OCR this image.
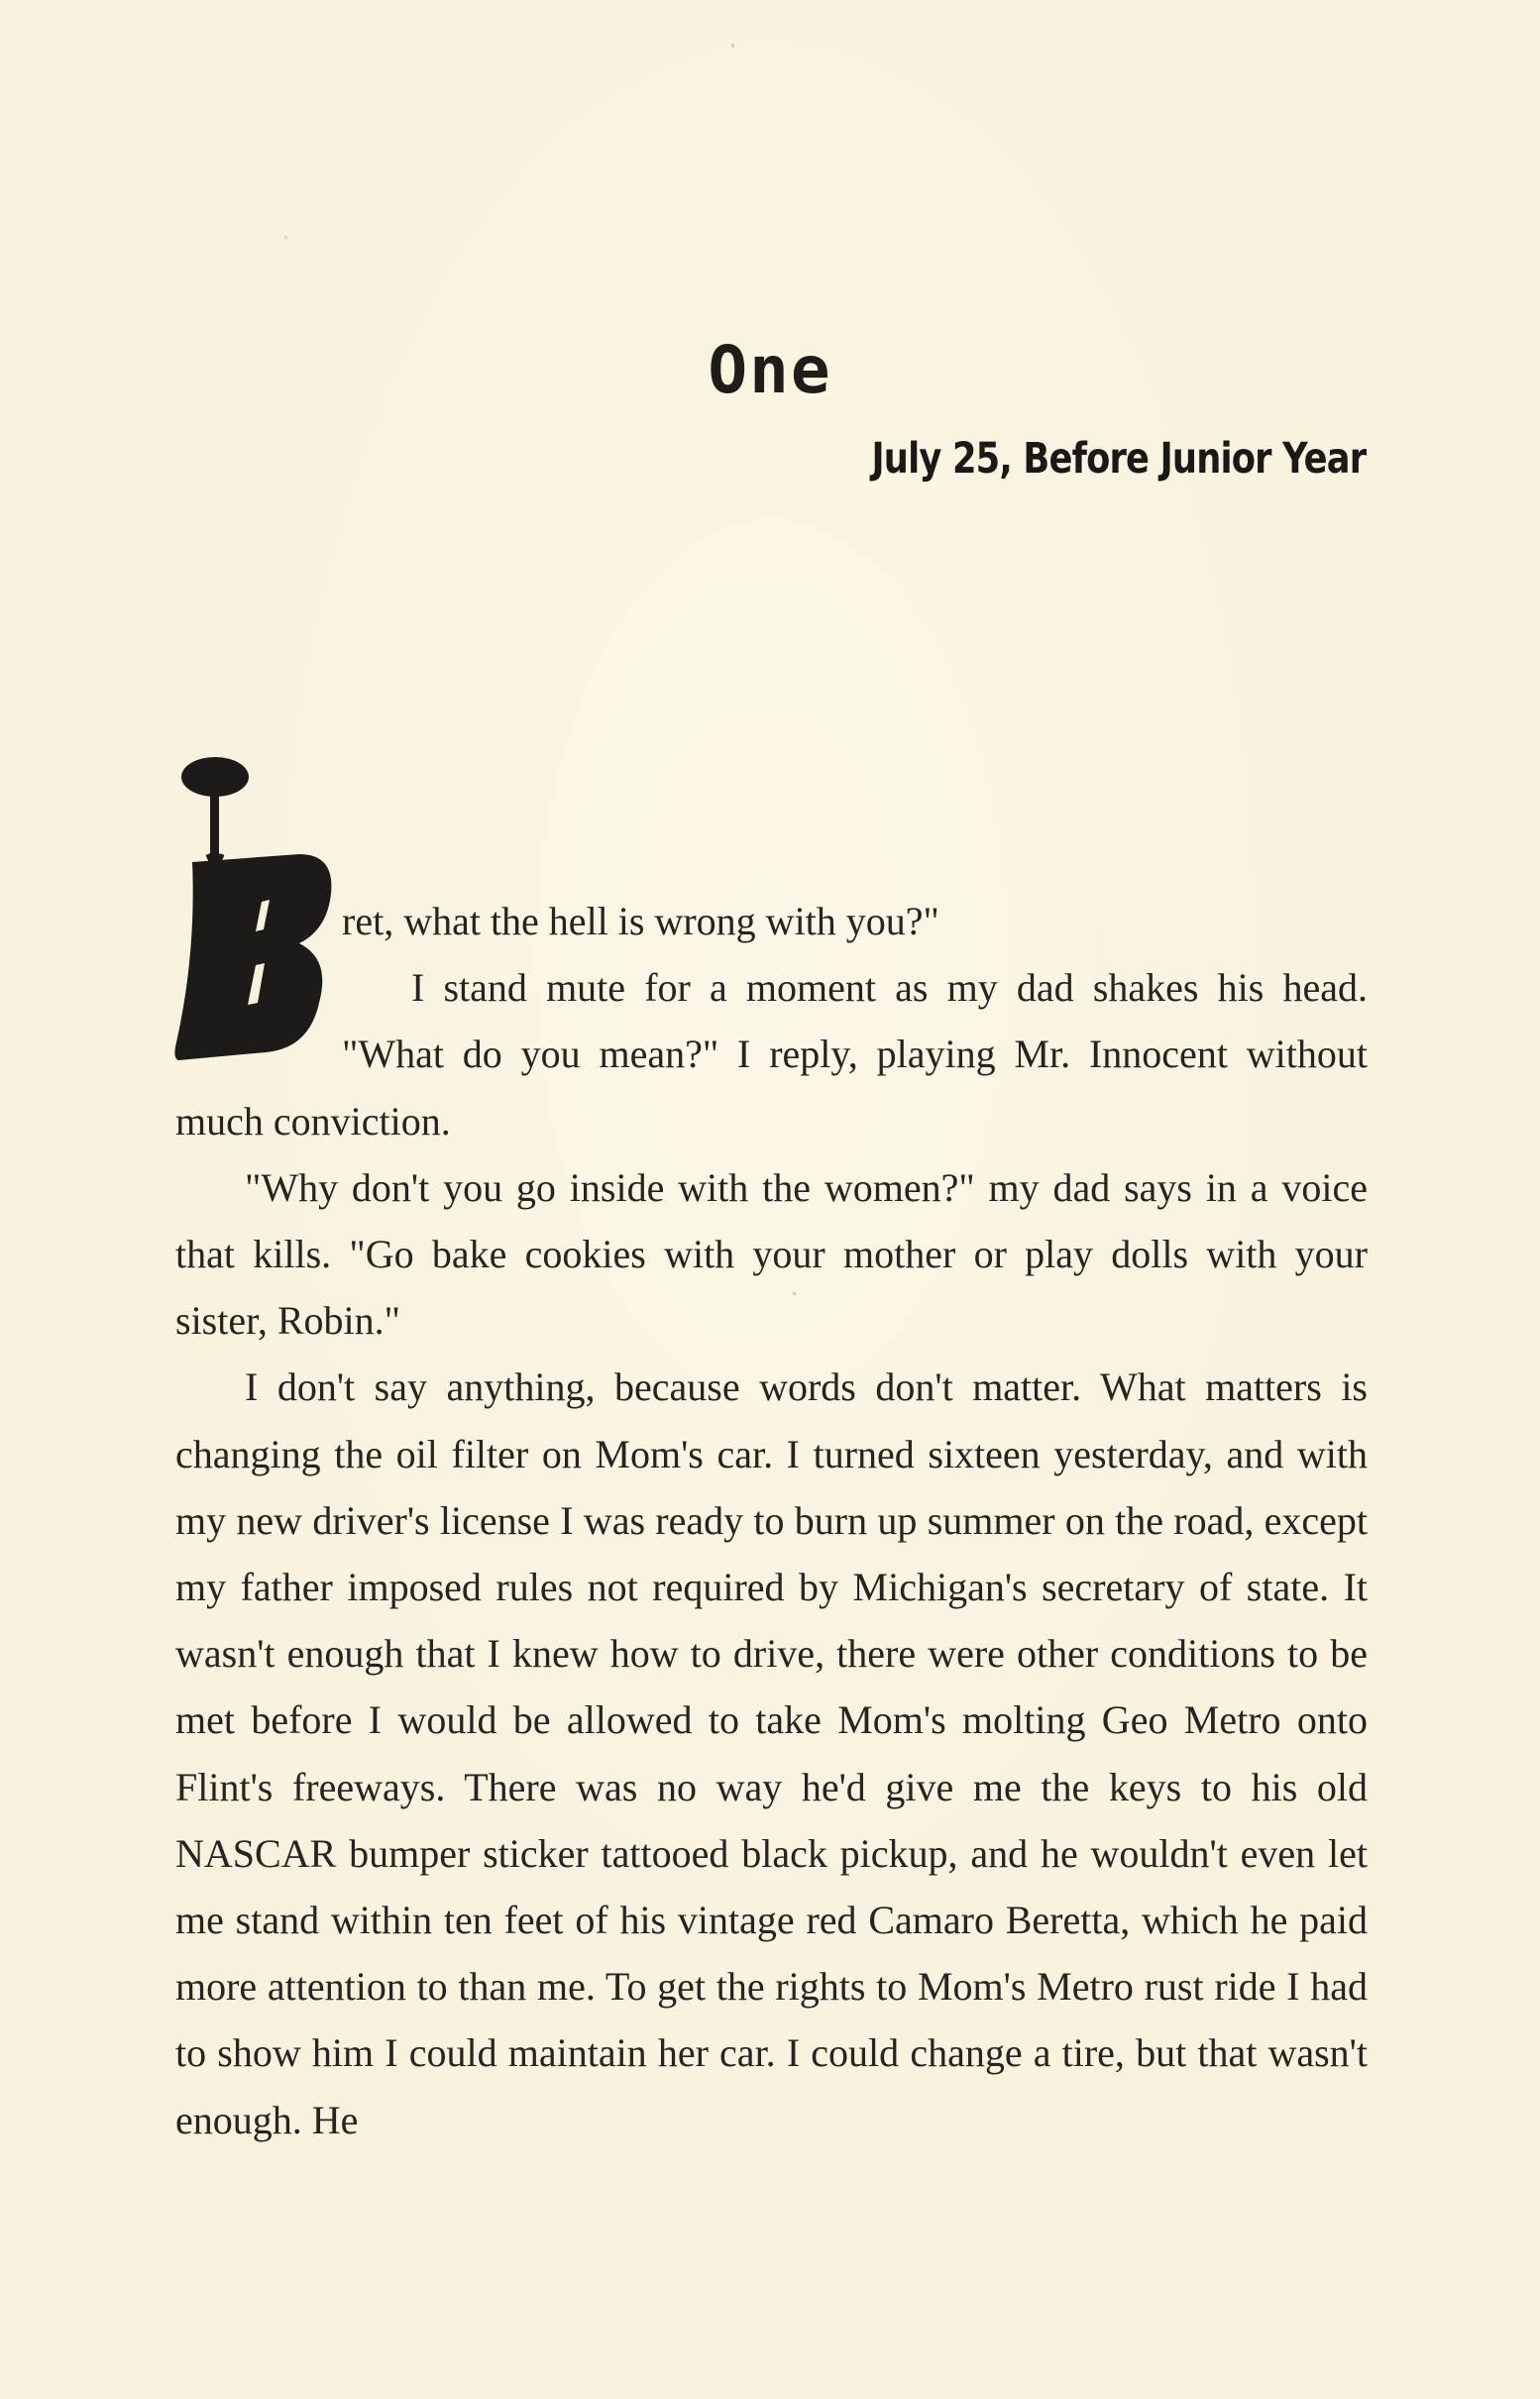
One
July 25, Before Junior Year

ret, what the hell is wrong with you?"

I stand mute for a moment as my dad shakes his head. "What do you mean?" I reply, playing Mr. Innocent without much conviction.

"Why don't you go inside with the women?" my dad says in a voice that kills. "Go bake cookies with your mother or play dolls with your sister, Robin."

I don't say anything, because words don't matter. What matters is changing the oil filter on Mom's car. I turned sixteen yesterday, and with my new driver's license I was ready to burn up summer on the road, except my father imposed rules not required by Michigan's secretary of state. It wasn't enough that I knew how to drive, there were other conditions to be met before I would be allowed to take Mom's molting Geo Metro onto Flint's freeways. There was no way he'd give me the keys to his old NASCAR bumper sticker tattooed black pickup, and he wouldn't even let me stand within ten feet of his vintage red Camaro Beretta, which he paid more attention to than me. To get the rights to Mom's Metro rust ride I had to show him I could maintain her car. I could change a tire, but that wasn't enough. He
